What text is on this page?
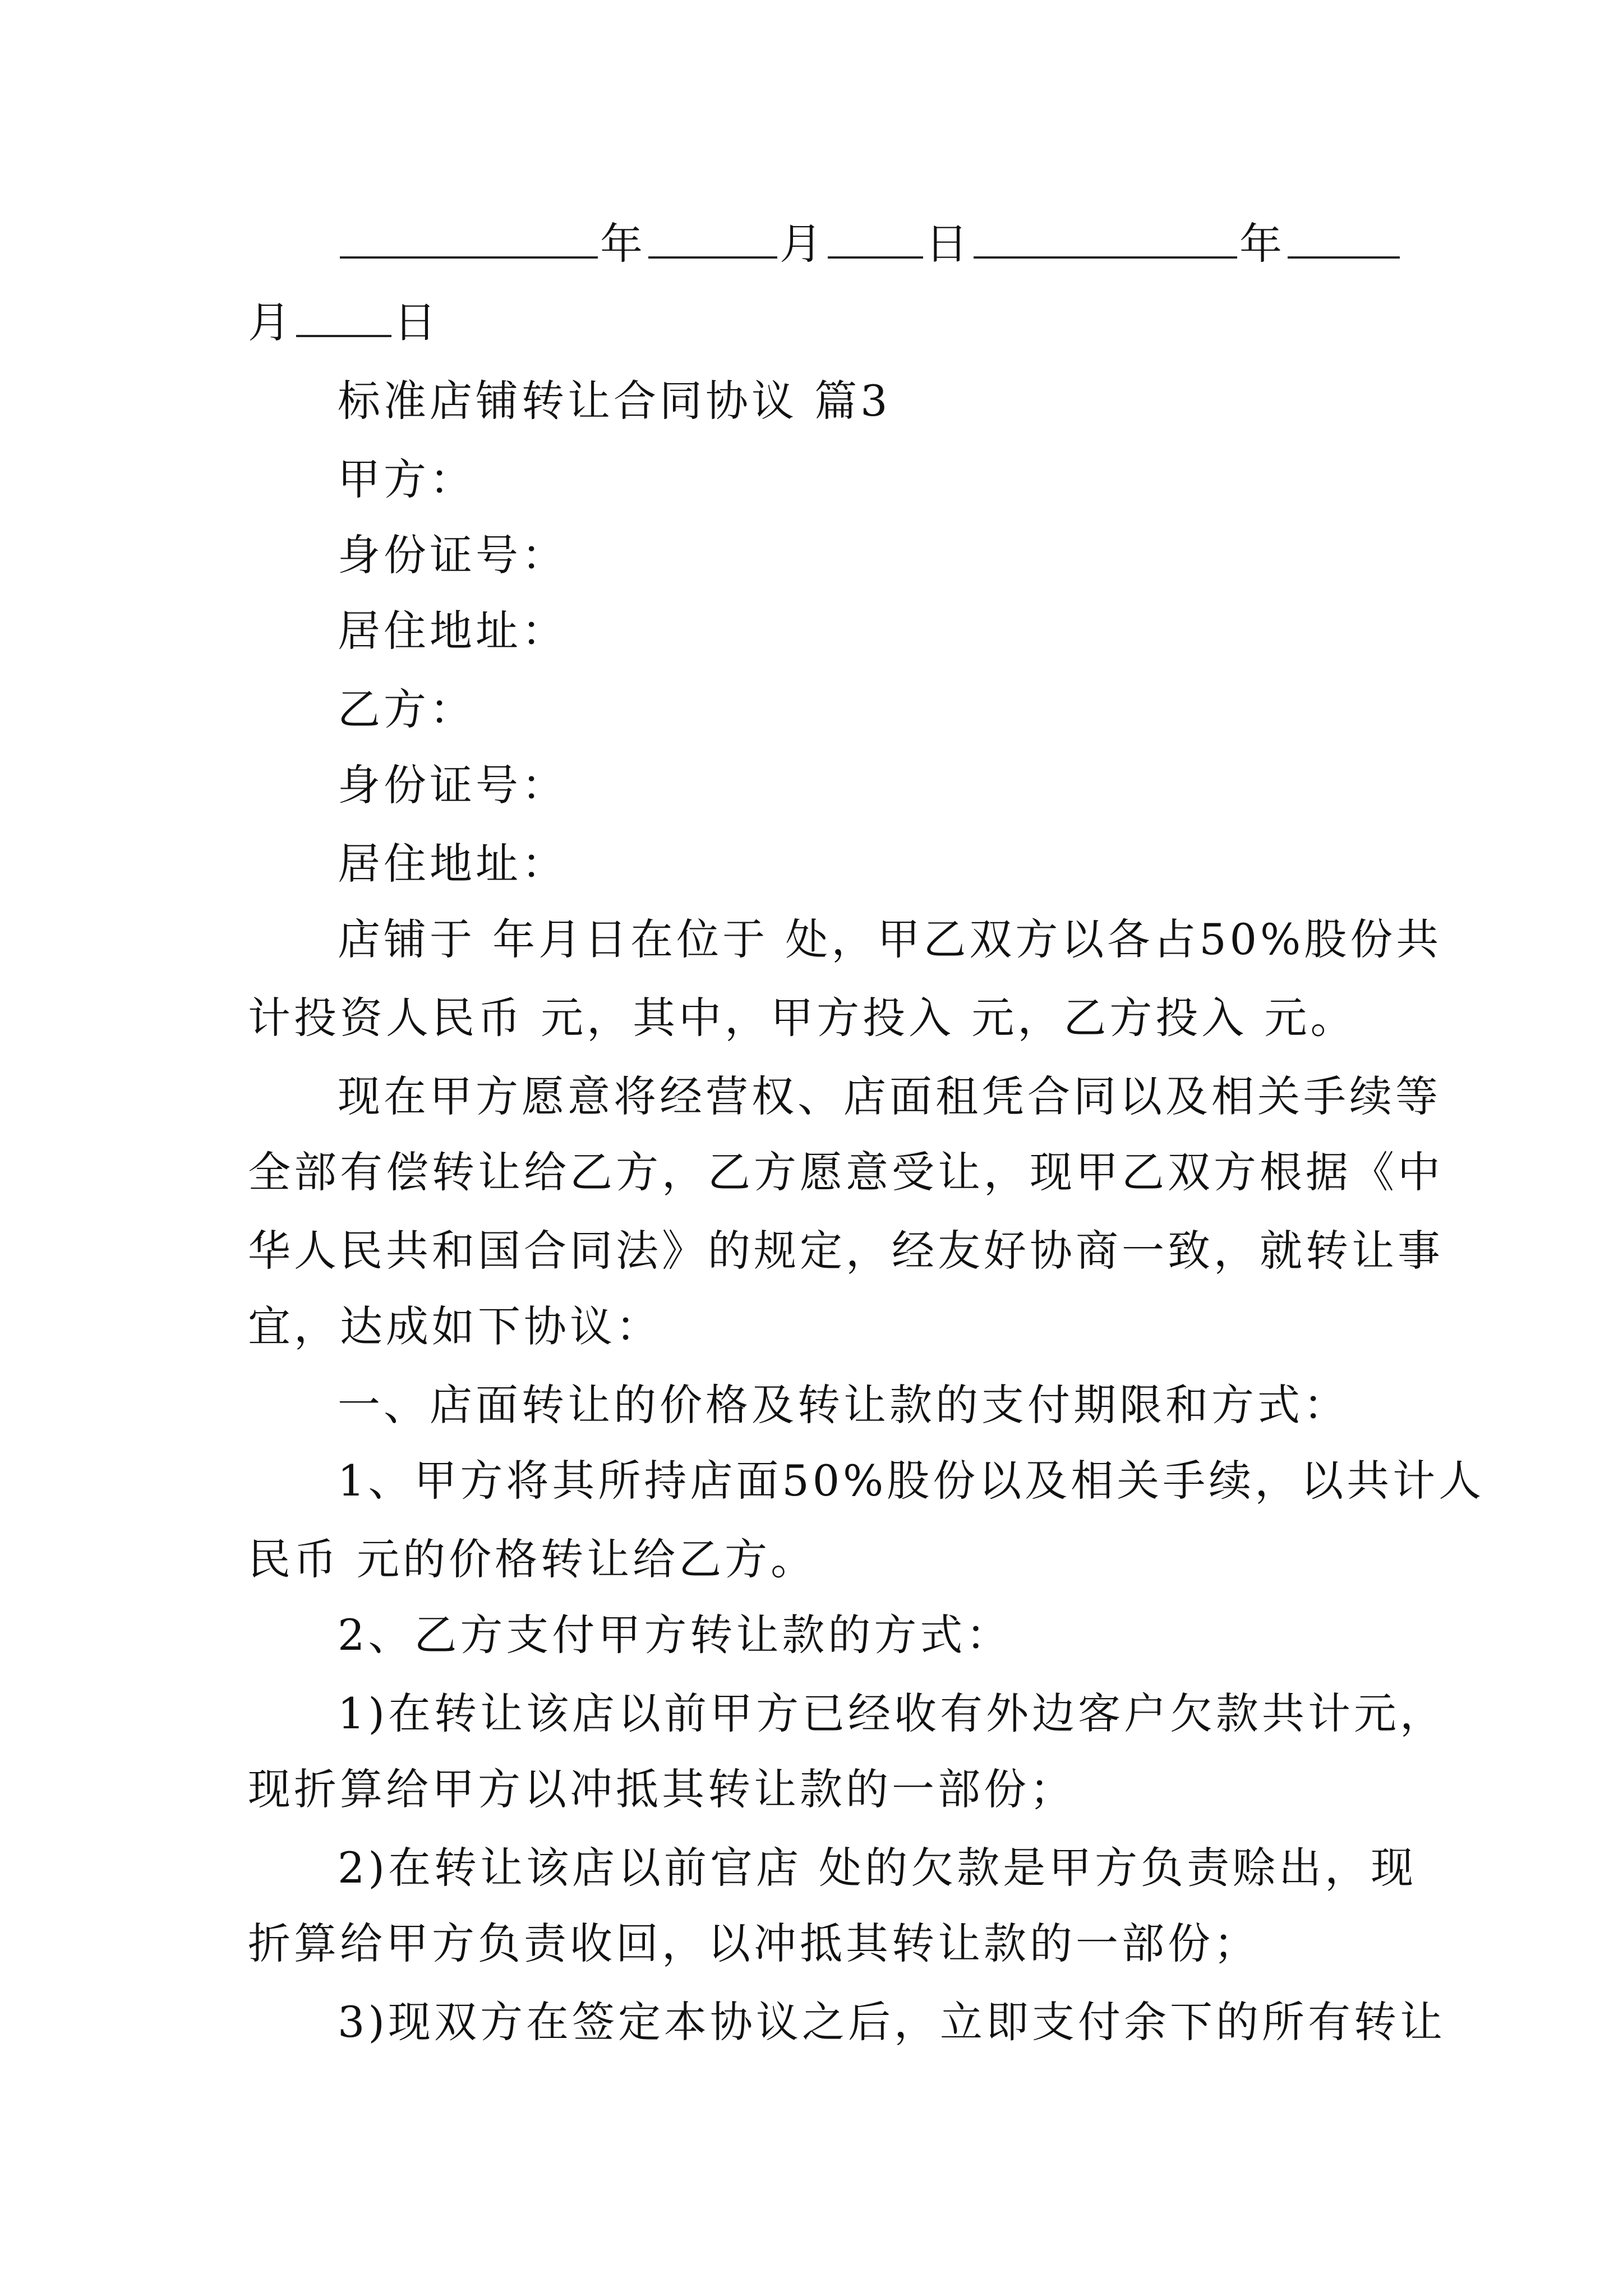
年	月 日	年
月 日
标准店铺转让合同协议 篇3
甲方：
身份证号：
居住地址：
乙方：
身份证号：
居住地址：
店铺于 年月日在位于 处，甲乙双方以各占50%股份共
计投资人民币 元，其中，甲方投入 元，乙方投入 元。
现在甲方愿意将经营权、店面租凭合同以及相关手续等
全部有偿转让给乙方，乙方愿意受让，现甲乙双方根据《中
华人民共和国合同法》的规定，经友好协商一致，就转让事
宜，达成如下协议：
一、店面转让的价格及转让款的支付期限和方式：
1、甲方将其所持店面50%股份以及相关手续，以共计人
民币 元的价格转让给乙方。
2、乙方支付甲方转让款的方式：
1)在转让该店以前甲方已经收有外边客户欠款共计元，
现折算给甲方以冲抵其转让款的一部份；
2)在转让该店以前官店 处的欠款是甲方负责赊出，现
折算给甲方负责收回，以冲抵其转让款的一部份；
3)现双方在签定本协议之后，立即支付余下的所有转让
